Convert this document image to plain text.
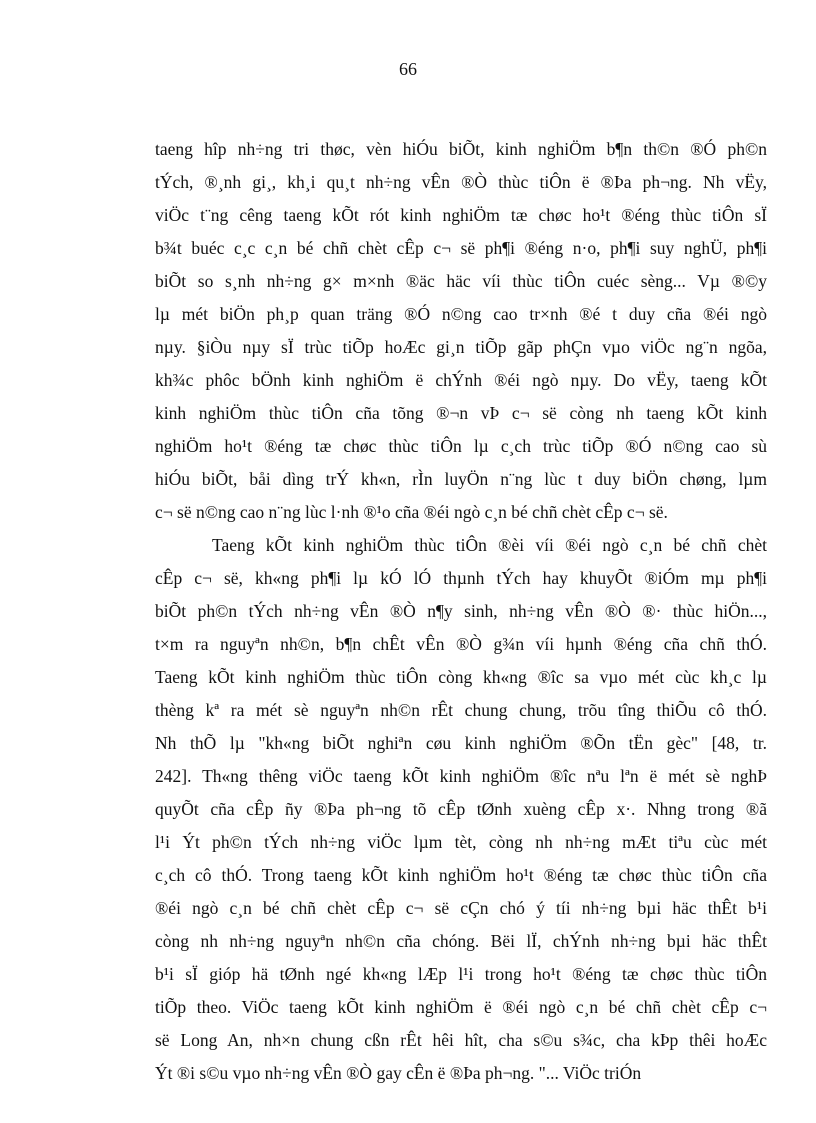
66
taeng hîp nh÷ng tri thøc, vèn hiÓu biÕt, kinh nghiÖm b¶n th©n ®Ó ph©n
tÝch, ®¸nh gi¸, kh¸i qu¸t nh÷ng vÊn ®Ò thùc tiÔn ë ®Þa ph¬ng. Nh vËy,
viÖc t¨ng cêng taeng kÕt rót kinh nghiÖm tæ chøc ho¹t ®éng thùc tiÔn sÏ
b¾t buéc c¸c c¸n bé chñ chèt cÊp c¬ së ph¶i ®éng n·o, ph¶i suy nghÜ, ph¶i
biÕt so s¸nh nh÷ng g× m×nh ®äc häc víi thùc tiÔn cuéc sèng... Vµ ®©y
lµ mét biÖn ph¸p quan träng ®Ó n©ng cao tr×nh ®é t duy cña ®éi ngò
nµy. §iÒu nµy sÏ trùc tiÕp hoÆc gi¸n tiÕp gãp phÇn vµo viÖc ng¨n ngõa,
kh¾c phôc bÖnh kinh nghiÖm ë chÝnh ®éi ngò nµy. Do vËy, taeng kÕt
kinh nghiÖm thùc tiÔn cña tõng ®¬n vÞ c¬ së còng nh taeng kÕt kinh
nghiÖm ho¹t ®éng tæ chøc thùc tiÔn lµ c¸ch trùc tiÕp ®Ó n©ng cao sù
hiÓu biÕt, båi dìng trÝ kh«n, rÌn luyÖn n¨ng lùc t duy biÖn chøng, lµm
c¬ së n©ng cao n¨ng lùc l·nh ®¹o cña ®éi ngò c¸n bé chñ chèt cÊp c¬ së.
Taeng kÕt kinh nghiÖm thùc tiÔn ®èi víi ®éi ngò c¸n bé chñ chèt
cÊp c¬ së, kh«ng ph¶i lµ kÓ lÓ thµnh tÝch hay khuyÕt ®iÓm mµ ph¶i
biÕt ph©n tÝch nh÷ng vÊn ®Ò n¶y sinh, nh÷ng vÊn ®Ò ®· thùc hiÖn...,
t×m ra nguyªn nh©n, b¶n chÊt vÊn ®Ò g¾n víi hµnh ®éng cña chñ thÓ.
Taeng kÕt kinh nghiÖm thùc tiÔn còng kh«ng ®îc sa vµo mét cùc kh¸c lµ
thèng kª ra mét sè nguyªn nh©n rÊt chung chung, trõu tîng thiÕu cô thÓ.
Nh thÕ lµ "kh«ng biÕt nghiªn cøu kinh nghiÖm ®Õn tËn gèc" [48, tr.
242]. Th«ng thêng viÖc taeng kÕt kinh nghiÖm ®îc nªu lªn ë mét sè nghÞ
quyÕt cña cÊp ñy ®Þa ph¬ng tõ cÊp tØnh xuèng cÊp x·. Nhng trong ®ã
l¹i Ýt ph©n tÝch nh÷ng viÖc lµm tèt, còng nh nh÷ng mÆt tiªu cùc mét
c¸ch cô thÓ. Trong taeng kÕt kinh nghiÖm ho¹t ®éng tæ chøc thùc tiÔn cña
®éi ngò c¸n bé chñ chèt cÊp c¬ së cÇn chó ý tíi nh÷ng bµi häc thÊt b¹i
còng nh nh÷ng nguyªn nh©n cña chóng. Bëi lÏ, chÝnh nh÷ng bµi häc thÊt
b¹i sÏ gióp hä tØnh ngé kh«ng lÆp l¹i trong ho¹t ®éng tæ chøc thùc tiÔn
tiÕp theo. ViÖc taeng kÕt kinh nghiÖm ë ®éi ngò c¸n bé chñ chèt cÊp c¬
së Long An, nh×n chung cßn rÊt hêi hît, cha s©u s¾c, cha kÞp thêi hoÆc
Ýt ®i s©u vµo nh÷ng vÊn ®Ò gay cÊn ë ®Þa ph¬ng. "... ViÖc triÓn
